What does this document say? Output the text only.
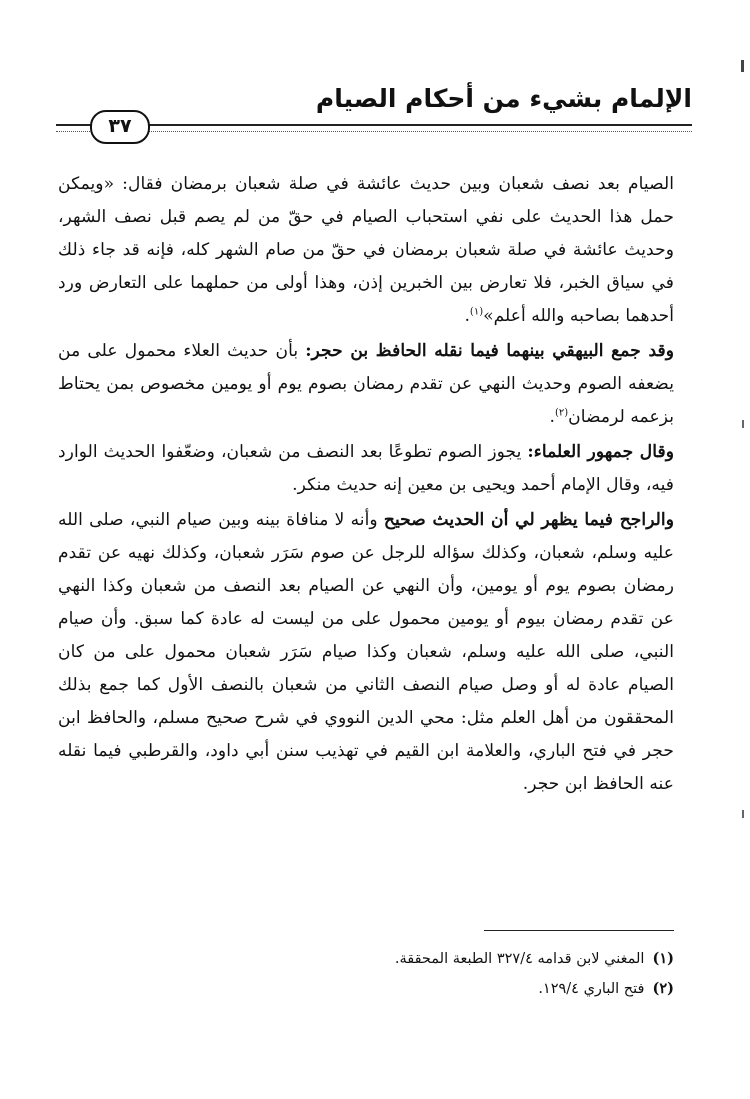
الإلمام بشيء من أحكام الصيام
٣٧

الصيام بعد نصف شعبان وبين حديث عائشة في صلة شعبان برمضان فقال: «ويمكن حمل هذا الحديث على نفي استحباب الصيام في حقّ من لم يصم قبل نصف الشهر، وحديث عائشة في صلة شعبان برمضان في حقّ من صام الشهر كله، فإنه قد جاء ذلك في سياق الخبر، فلا تعارض بين الخبرين إذن، وهذا أولى من حملهما على التعارض ورد أحدهما بصاحبه والله أعلم»$^{(١)}$.

وقد جمع البيهقي بينهما فيما نقله الحافظ بن حجر: بأن حديث العلاء محمول على من يضعفه الصوم وحديث النهي عن تقدم رمضان بصوم يوم أو يومين مخصوص بمن يحتاط بزعمه لرمضان$^{(٢)}$.

وقال جمهور العلماء: يجوز الصوم تطوعًا بعد النصف من شعبان، وضعّفوا الحديث الوارد فيه، وقال الإمام أحمد ويحيى بن معين إنه حديث منكر.

والراجح فيما يظهر لي أن الحديث صحيح وأنه لا منافاة بينه وبين صيام النبي، صلى الله عليه وسلم، شعبان، وكذلك سؤاله للرجل عن صوم سَرَر شعبان، وكذلك نهيه عن تقدم رمضان بصوم يوم أو يومين، وأن النهي عن الصيام بعد النصف من شعبان وكذا النهي عن تقدم رمضان بيوم أو يومين محمول على من ليست له عادة كما سبق. وأن صيام النبي، صلى الله عليه وسلم، شعبان وكذا صيام سَرَر شعبان محمول على من كان الصيام عادة له أو وصل صيام النصف الثاني من شعبان بالنصف الأول كما جمع بذلك المحققون من أهل العلم مثل: محي الدين النووي في شرح صحيح مسلم، والحافظ ابن حجر في فتح الباري، والعلامة ابن القيم في تهذيب سنن أبي داود، والقرطبي فيما نقله عنه الحافظ ابن حجر.

(١)المغني لابن قدامه ٣٢٧/٤ الطبعة المحققة.

(٢)فتح الباري ١٢٩/٤.
